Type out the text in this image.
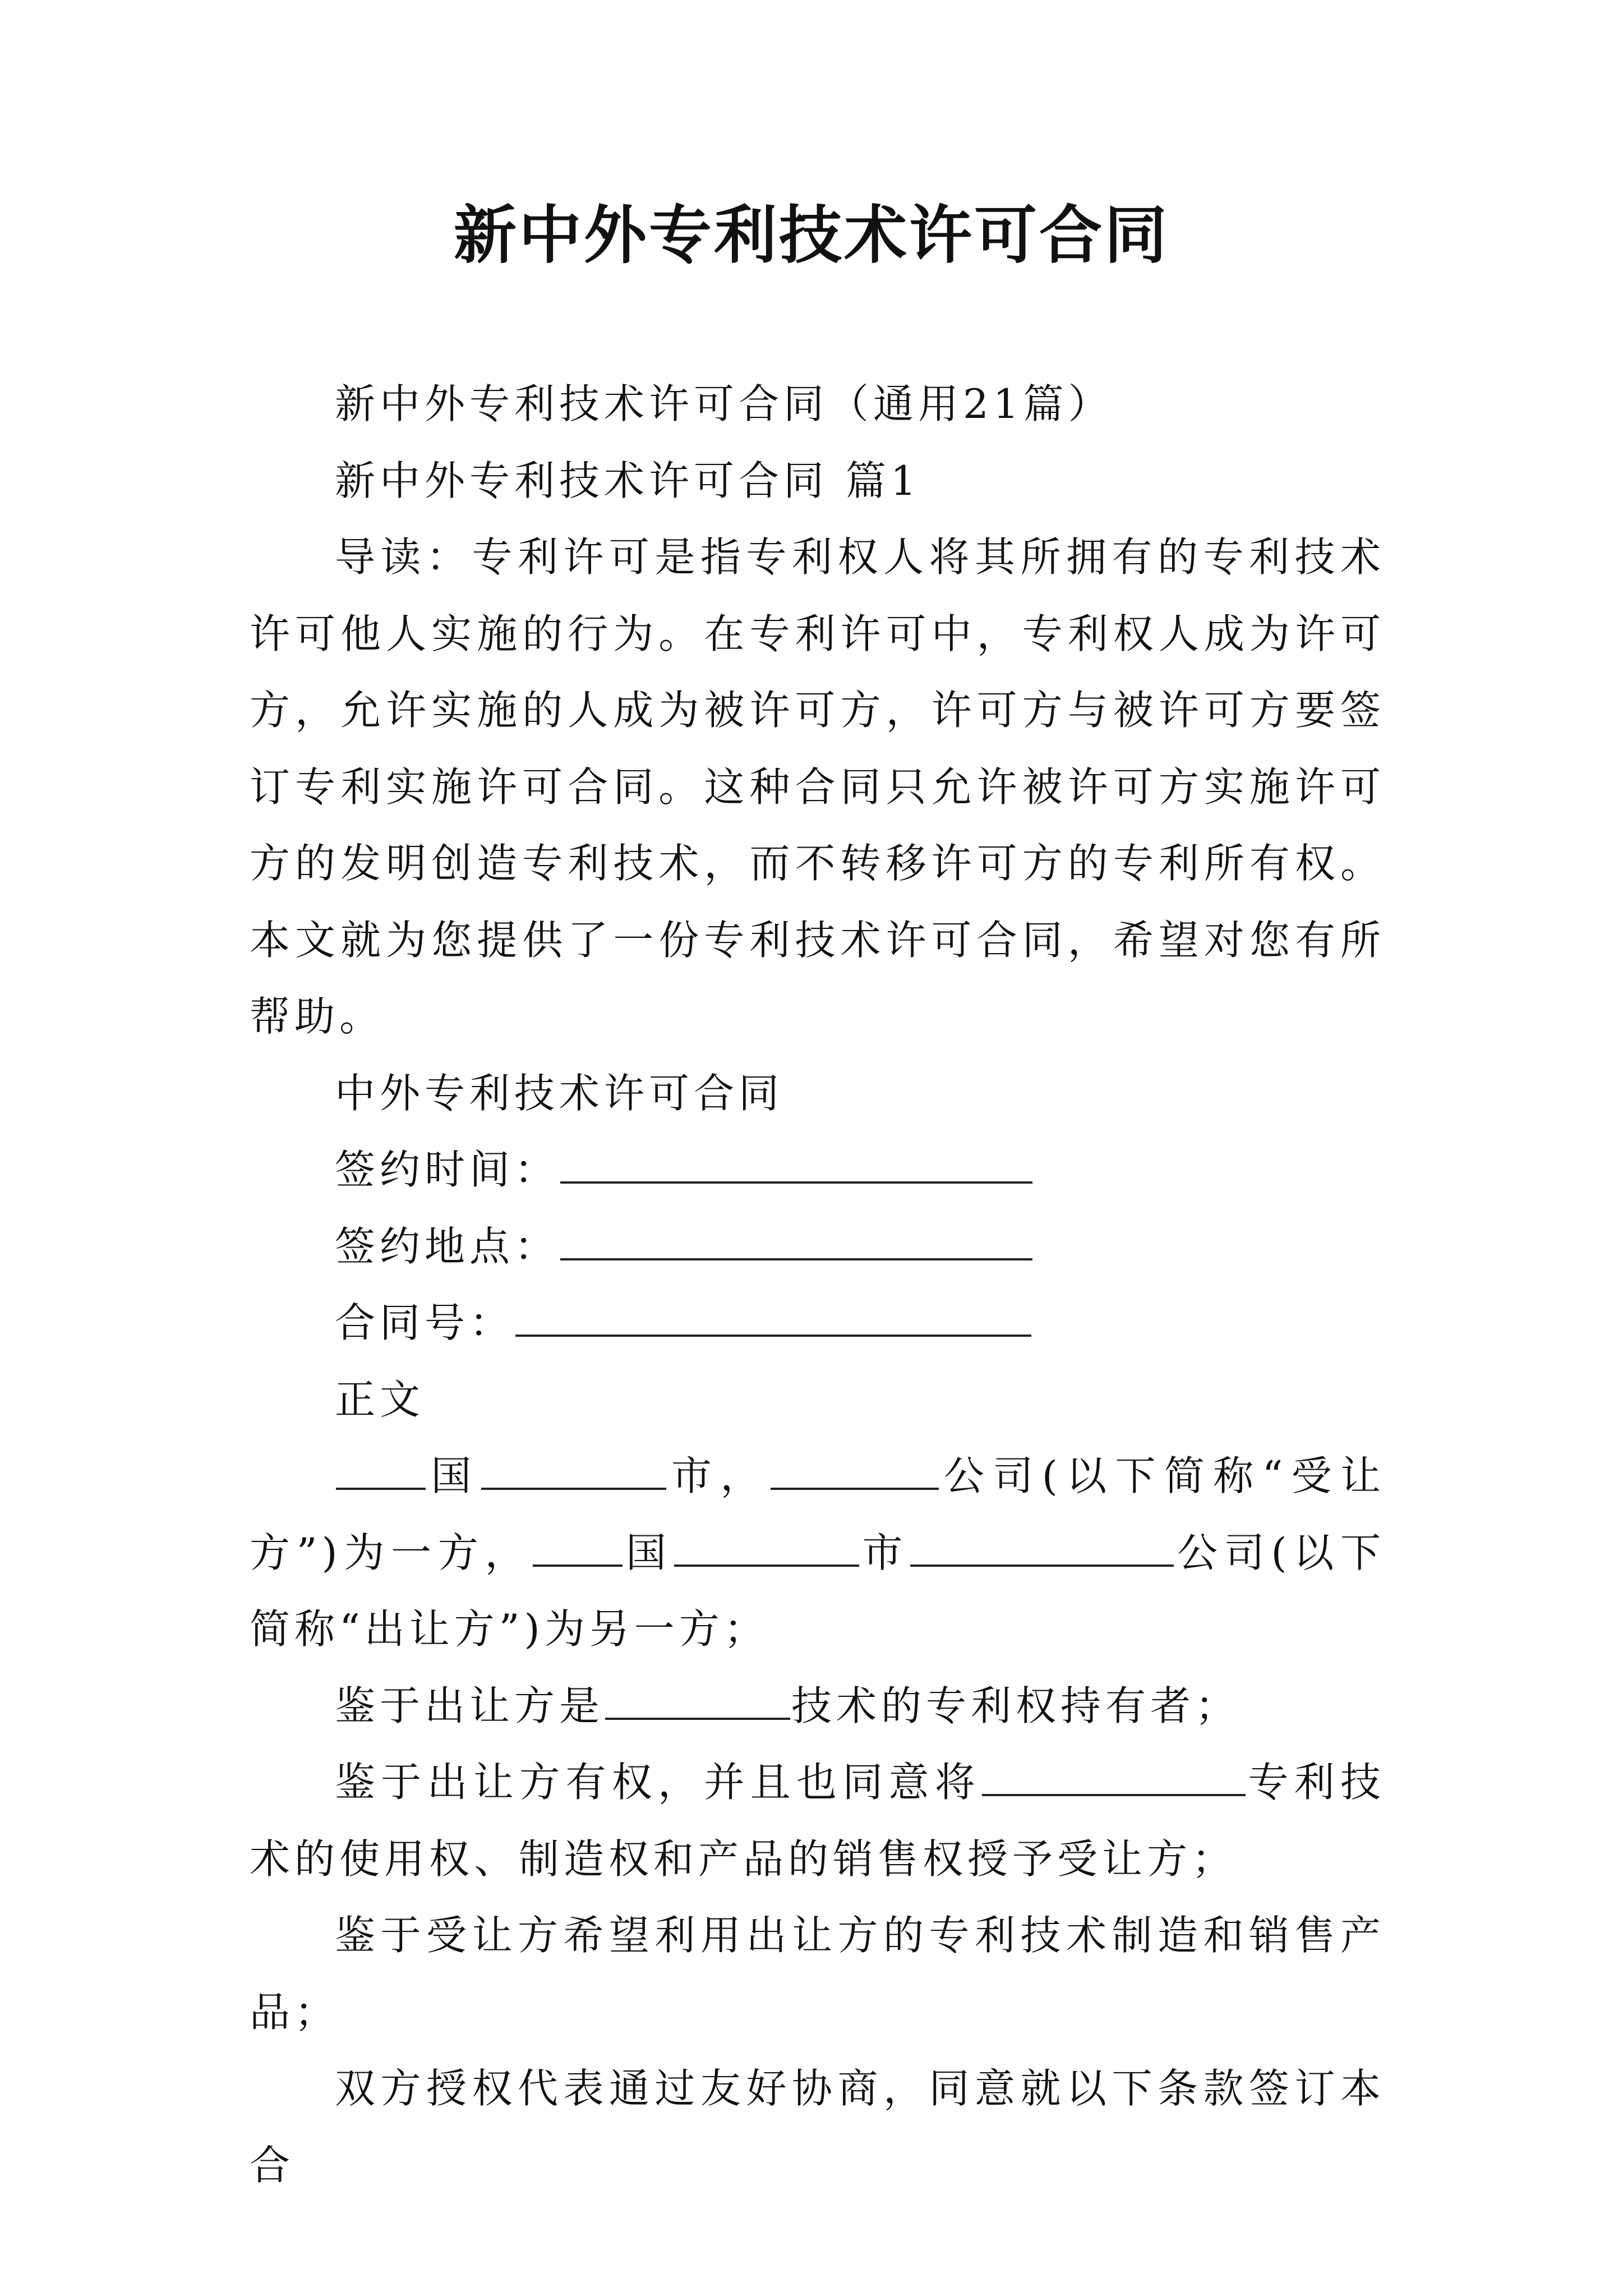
新中外专利技术许可合同

新中外专利技术许可合同（通用21篇）

新中外专利技术许可合同 篇1

导读：专利许可是指专利权人将其所拥有的专利技术许可他人实施的行为。在专利许可中，专利权人成为许可方，允许实施的人成为被许可方，许可方与被许可方要签订专利实施许可合同。这种合同只允许被许可方实施许可方的发明创造专利技术，而不转移许可方的专利所有权。本文就为您提供了一份专利技术许可合同，希望对您有所帮助。

中外专利技术许可合同

签约时间：

签约地点：

合同号：

正文

国	市，	公司(以下简称“受让方”)为一方， 国	市	公司(以下简称“出让方”)为另一方；

鉴于出让方是	技术的专利权持有者；

鉴于出让方有权，并且也同意将	专利技术的使用权、制造权和产品的销售权授予受让方；

鉴于受让方希望利用出让方的专利技术制造和销售产品；

双方授权代表通过友好协商，同意就以下条款签订本合
